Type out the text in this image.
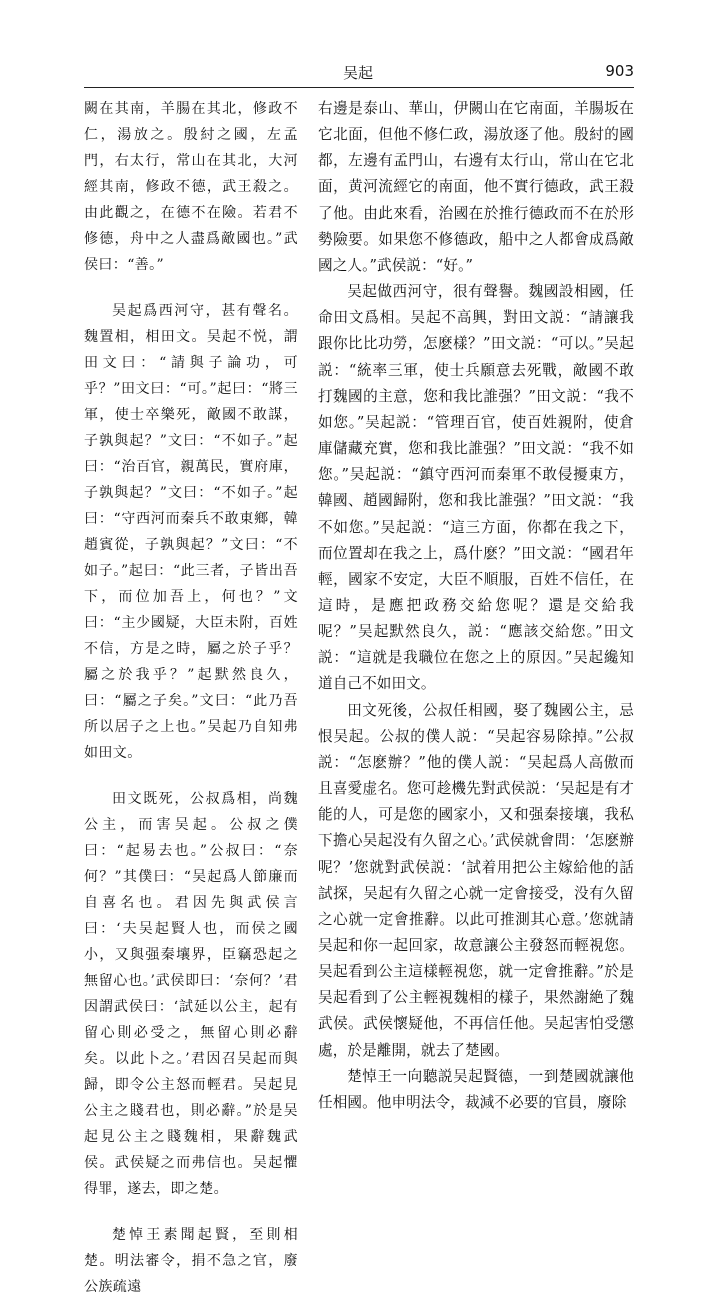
吴起	903

闕在其南，羊腸在其北，修政不仁，湯放之。殷紂之國，左孟門，右太行，常山在其北，大河經其南，修政不德，武王殺之。由此觀之，在德不在險。若君不修德，舟中之人盡爲敵國也。”武侯曰：“善。”

吴起爲西河守，甚有聲名。魏置相，相田文。吴起不悦，謂田文曰：“請與子論功，可乎？”田文曰：“可。”起曰：“將三軍，使士卒樂死，敵國不敢謀，子孰與起？”文曰：“不如子。”起曰：“治百官，親萬民，實府庫，子孰與起？”文曰：“不如子。”起曰：“守西河而秦兵不敢東鄉，韓趙賓從，子孰與起？”文曰：“不如子。”起曰：“此三者，子皆出吾下，而位加吾上，何也？”文曰：“主少國疑，大臣未附，百姓不信，方是之時，屬之於子乎？屬之於我乎？”起默然良久，曰：“屬之子矣。”文曰：“此乃吾所以居子之上也。”吴起乃自知弗如田文。

田文既死，公叔爲相，尚魏公主，而害吴起。公叔之僕曰：“起易去也。”公叔曰：“奈何？”其僕曰：“吴起爲人節廉而自喜名也。君因先與武侯言曰：‘夫吴起賢人也，而侯之國小，又與强秦壤界，臣竊恐起之無留心也。’武侯即曰：‘奈何？’君因謂武侯曰：‘試延以公主，起有留心則必受之，無留心則必辭矣。以此卜之。’君因召吴起而與歸，即令公主怒而輕君。吴起見公主之賤君也，則必辭。”於是吴起見公主之賤魏相，果辭魏武侯。武侯疑之而弗信也。吴起懼得罪，遂去，即之楚。

楚悼王素聞起賢，至則相楚。明法審令，捐不急之官，廢公族疏遠

右邊是泰山、華山，伊闕山在它南面，羊腸坂在它北面，但他不修仁政，湯放逐了他。殷紂的國都，左邊有孟門山，右邊有太行山，常山在它北面，黄河流經它的南面，他不實行德政，武王殺了他。由此來看，治國在於推行德政而不在於形勢險要。如果您不修德政，船中之人都會成爲敵國之人。”武侯説：“好。”

吴起做西河守，很有聲譽。魏國設相國，任命田文爲相。吴起不高興，對田文説：“請讓我跟你比比功勞，怎麽樣？”田文説：“可以。”吴起説：“統率三軍，使士兵願意去死戰，敵國不敢打魏國的主意，您和我比誰强？”田文説：“我不如您。”吴起説：“管理百官，使百姓親附，使倉庫儲藏充實，您和我比誰强？”田文説：“我不如您。”吴起説：“鎮守西河而秦軍不敢侵擾東方，韓國、趙國歸附，您和我比誰强？”田文説：“我不如您。”吴起説：“這三方面，你都在我之下，而位置却在我之上，爲什麽？”田文説：“國君年輕，國家不安定，大臣不順服，百姓不信任，在這時，是應把政務交給您呢？還是交給我呢？”吴起默然良久，説：“應該交給您。”田文説：“這就是我職位在您之上的原因。”吴起纔知道自己不如田文。

田文死後，公叔任相國，娶了魏國公主，忌恨吴起。公叔的僕人説：“吴起容易除掉。”公叔説：“怎麽辦？”他的僕人説：“吴起爲人高傲而且喜愛虚名。您可趁機先對武侯説：‘吴起是有才能的人，可是您的國家小，又和强秦接壤，我私下擔心吴起没有久留之心。’武侯就會問：‘怎麽辦呢？’您就對武侯説：‘試着用把公主嫁給他的話試探，吴起有久留之心就一定會接受，没有久留之心就一定會推辭。以此可推測其心意。’您就請吴起和你一起回家，故意讓公主發怒而輕視您。吴起看到公主這樣輕視您，就一定會推辭。”於是吴起看到了公主輕視魏相的樣子，果然謝絶了魏武侯。武侯懷疑他，不再信任他。吴起害怕受懲處，於是離開，就去了楚國。

楚悼王一向聽説吴起賢德，一到楚國就讓他任相國。他申明法令，裁減不必要的官員，廢除
